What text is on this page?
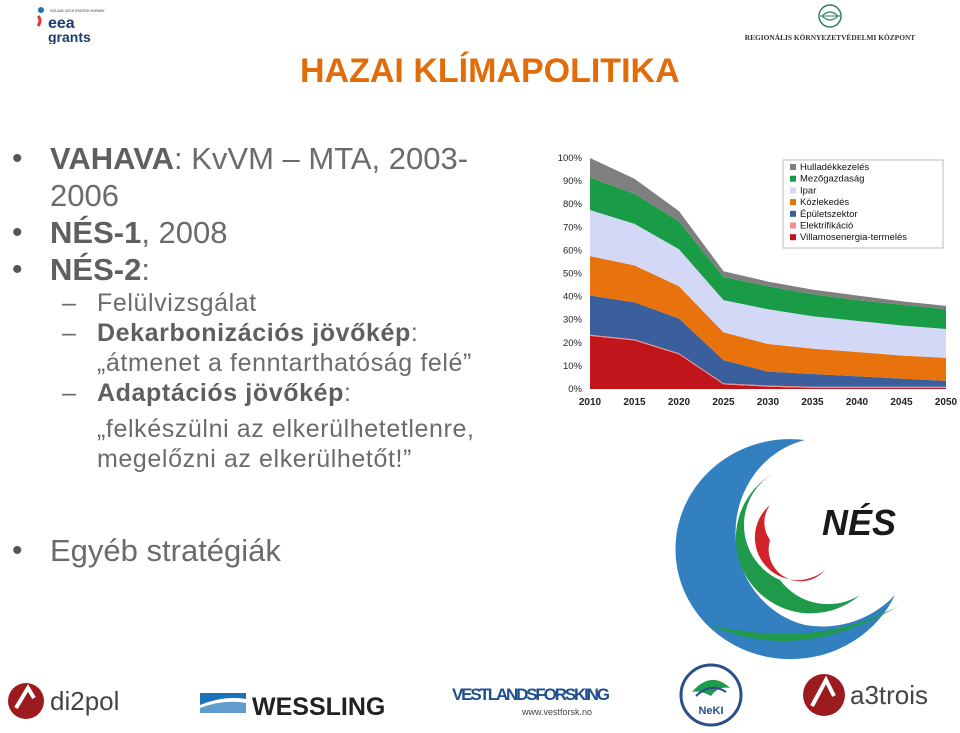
ICELAND LIECHTENSTEIN NORWAY
eea
grants	REGIONÁLIS KÖRNYEZETVÉDELMI KÖZPONT
HAZAI KLÍMAPOLITIKA
• VAHAVA: KvVM – MTA, 2003-
2006
• NÉS-1, 2008
• NÉS-2:
– Felülvizsgálat
– Dekarbonizációs jövőkép:
„átmenet a fenntarthatóság felé”
– Adaptációs jövőkép:
„felkészülni az elkerülhetetlenre,
megelőzni az elkerülhetőt!”
• Egyéb stratégiák
0%
10%
20%
30%
40%
50%
60%
70%
80%
90%
100%
2010 2015 2020 2025 2030 2035 2040 2045 2050
Hulladékkezelés
Mezőgazdaság
Ipar
Közlekedés
Épületszektor
Elektrifikáció
Villamosenergia-termelés
NÉS
di2pol	WESSLING	VESTLANDSFORSKING
www.vestforsk.no	NeKI
a3trois
